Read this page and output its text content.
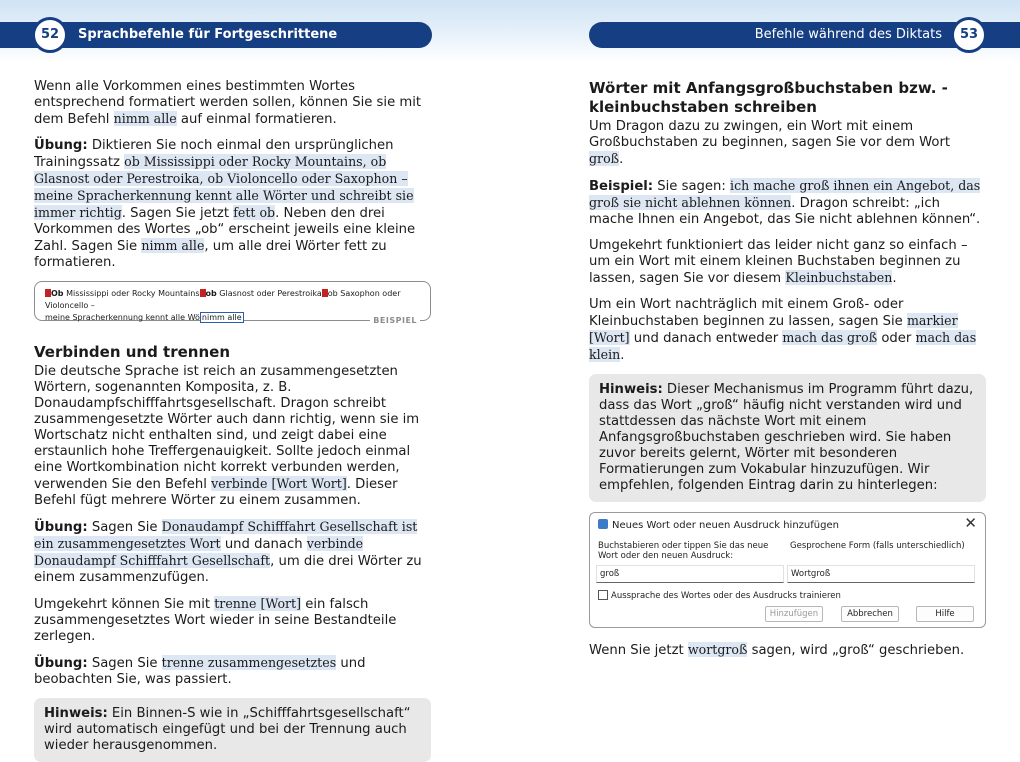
Sprachbefehle für Fortgeschrittene
52	Befehle während des Diktats	53

Wenn alle Vorkommen eines bestimmten Wortes entsprechend formatiert werden sollen, können Sie sie mit dem Befehl nimm alle auf einmal formatieren.

Übung: Diktieren Sie noch einmal den ursprünglichen Trainingssatz ob Mississippi oder Rocky Mountains, ob Glasnost oder Perestroika, ob Violoncello oder Saxophon – meine Spracherkennung kennt alle Wörter und schreibt sie immer richtig. Sagen Sie jetzt fett ob. Neben den drei Vorkommen des Wortes „ob“ erscheint jeweils eine kleine Zahl. Sagen Sie nimm alle, um alle drei Wörter fett zu formatieren.

Ob Mississippi oder Rocky Mountains ob Glasnost oder Perestroika ob Saxophon oder Violoncello –
meine Spracherkennung kennt alle Wö nimm alle	BEISPIEL
Verbinden und trennen

Die deutsche Sprache ist reich an zusammengesetzten Wörtern, sogenannten Komposita, z. B. Donaudampfschifffahrtsgesellschaft. Dragon schreibt zusammengesetzte Wörter auch dann richtig, wenn sie im Wortschatz nicht enthalten sind, und zeigt dabei eine erstaunlich hohe Treffergenauigkeit. Sollte jedoch einmal eine Wortkombination nicht korrekt verbunden werden, verwenden Sie den Befehl verbinde [Wort Wort]. Dieser Befehl fügt mehrere Wörter zu einem zusammen.

Übung: Sagen Sie Donaudampf Schifffahrt Gesellschaft ist ein zusammengesetztes Wort und danach verbinde Donaudampf Schifffahrt Gesellschaft, um die drei Wörter zu einem zusammenzufügen.

Umgekehrt können Sie mit trenne [Wort] ein falsch zusammengesetztes Wort wieder in seine Bestandteile zerlegen.

Übung: Sagen Sie trenne zusammengesetztes und beobachten Sie, was passiert.

Hinweis: Ein Binnen-S wie in „Schifffahrtsgesellschaft“ wird automatisch eingefügt und bei der Trennung auch wieder herausgenommen.
Wörter mit Anfangsgroßbuchstaben bzw. -kleinbuchstaben schreiben

Um Dragon dazu zu zwingen, ein Wort mit einem Großbuchstaben zu beginnen, sagen Sie vor dem Wort groß.

Beispiel: Sie sagen: ich mache groß ihnen ein Angebot, das groß sie nicht ablehnen können. Dragon schreibt: „ich mache Ihnen ein Angebot, das Sie nicht ablehnen können“.

Umgekehrt funktioniert das leider nicht ganz so einfach – um ein Wort mit einem kleinen Buchstaben beginnen zu lassen, sagen Sie vor diesem Kleinbuchstaben.

Um ein Wort nachträglich mit einem Groß- oder Kleinbuchstaben beginnen zu lassen, sagen Sie markier [Wort] und danach entweder mach das groß oder mach das klein.

Hinweis: Dieser Mechanismus im Programm führt dazu, dass das Wort „groß“ häufig nicht verstanden wird und stattdessen das nächste Wort mit einem Anfangsgroßbuchstaben geschrieben wird. Sie haben zuvor bereits gelernt, Wörter mit besonderen Formatierungen zum Vokabular hinzuzufügen. Wir empfehlen, folgenden Eintrag darin zu hinterlegen:
Neues Wort oder neuen Ausdruck hinzufügen	✕
Buchstabieren oder tippen Sie das neue Wort oder den neuen Ausdruck:
groß
Gesprochene Form (falls unterschiedlich)
Wortgroß
Aussprache des Wortes oder des Ausdrucks trainieren
Hinzufügen	Abbrechen	Hilfe

Wenn Sie jetzt wortgroß sagen, wird „groß“ geschrieben.
